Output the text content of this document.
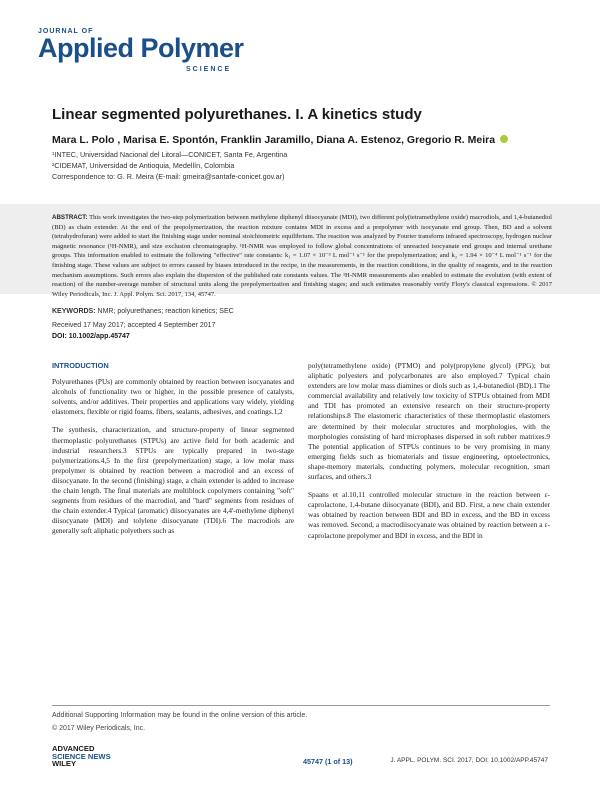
JOURNAL OF
Applied Polymer
SCIENCE
Linear segmented polyurethanes. I. A kinetics study
Mara L. Polo , Marisa E. Spontón, Franklin Jaramillo, Diana A. Estenoz, Gregorio R. Meira
¹INTEC, Universidad Nacional del Litoral—CONICET, Santa Fe, Argentina
²CIDEMAT, Universidad de Antioquia, Medellín, Colombia
Correspondence to: G. R. Meira (E-mail: gmeira@santafe-conicet.gov.ar)
ABSTRACT: This work investigates the two-step polymerization between methylene diphenyl diisocyanate (MDI), two different poly(tetramethylene oxide) macrodiols, and 1,4-butanediol (BD) as chain extender. At the end of the prepolymerization, the reaction mixture contains MDI in excess and a prepolymer with isocyanate end group. Then, BD and a solvent (tetrahydrofuran) were added to start the finishing stage under nominal stoichiometric equilibrium. The reaction was analyzed by Fourier transform infrared spectroscopy, hydrogen nuclear magnetic resonance (¹H-NMR), and size exclusion chromatography. ¹H-NMR was employed to follow global concentrations of unreacted isocyanate end groups and internal urethane groups. This information enabled to estimate the following "effective" rate constants: k₁ = 1.07 × 10⁻³ L mol⁻¹ s⁻¹ for the prepolymerization; and k₂ = 1.94 × 10⁻⁴ L mol⁻¹ s⁻¹ for the finishing stage. These values are subject to errors caused by biases introduced in the recipe, in the measurements, in the reaction conditions, in the quality of reagents, and in the reaction mechanism assumptions. Such errors also explain the dispersion of the published rate constants values. The ¹H-NMR measurements also enabled to estimate the evolution (with extent of reaction) of the number-average number of structural units along the prepolymerization and finishing stages; and such estimates reasonably verify Flory's classical expressions. © 2017 Wiley Periodicals, Inc. J. Appl. Polym. Sci. 2017, 134, 45747.
KEYWORDS: NMR; polyurethanes; reaction kinetics; SEC
Received 17 May 2017; accepted 4 September 2017
DOI: 10.1002/app.45747
INTRODUCTION

Polyurethanes (PUs) are commonly obtained by reaction between isocyanates and alcohols of functionality two or higher, in the possible presence of catalysts, solvents, and/or additives. Their properties and applications vary widely, yielding elastomers, flexible or rigid foams, fibers, sealants, adhesives, and coatings.1,2

The synthesis, characterization, and structure-property of linear segmented thermoplastic polyurethanes (STPUs) are active field for both academic and industrial researchers.3 STPUs are typically prepared in two-stage polymerizations.4,5 In the first (prepolymerization) stage, a low molar mass prepolymer is obtained by reaction between a macrodiol and an excess of diisocyanate. In the second (finishing) stage, a chain extender is added to increase the chain length. The final materials are multiblock copolymers containing "soft" segments from residues of the macrodiol, and "hard" segments from residues of the chain extender.4 Typical (aromatic) diisocyanates are 4,4'-methylene diphenyl diisocyanate (MDI) and tolylene diisocyanate (TDI).6 The macrodiols are generally soft aliphatic polyethers such as

poly(tetramethylene oxide) (PTMO) and poly(propylene glycol) (PPG); but aliphatic polyesters and polycarbonates are also employed.7 Typical chain extenders are low molar mass diamines or diols such as 1,4-butanediol (BD).1 The commercial availability and relatively low toxicity of STPUs obtained from MDI and TDI has promoted an extensive research on their structure-property relationships.8 The elastomeric characteristics of these thermoplastic elastomers are determined by their molecular structures and morphologies, with the morphologies consisting of hard microphases dispersed in soft rubber matrixes.9 The potential application of STPUs continues to be very promising in many emerging fields such as biomaterials and tissue engineering, optoelectronics, shape-memory materials, conducting polymers, molecular recognition, smart surfaces, and others.3

Spaans et al.10,11 controlled molecular structure in the reaction between ε-caprolactone, 1,4-butane diisocyanate (BDI), and BD. First, a new chain extender was obtained by reaction between BDI and BD in excess, and the BD in excess was removed. Second, a macrodiisocyanate was obtained by reaction between a ε-caprolactone prepolymer and BDI in excess, and the BDI in

Additional Supporting Information may be found in the online version of this article.
© 2017 Wiley Periodicals, Inc.
ADVANCED
SCIENCE NEWS
WILEY	45747 (1 of 13)	J. APPL. POLYM. SCI. 2017, DOI: 10.1002/APP.45747
